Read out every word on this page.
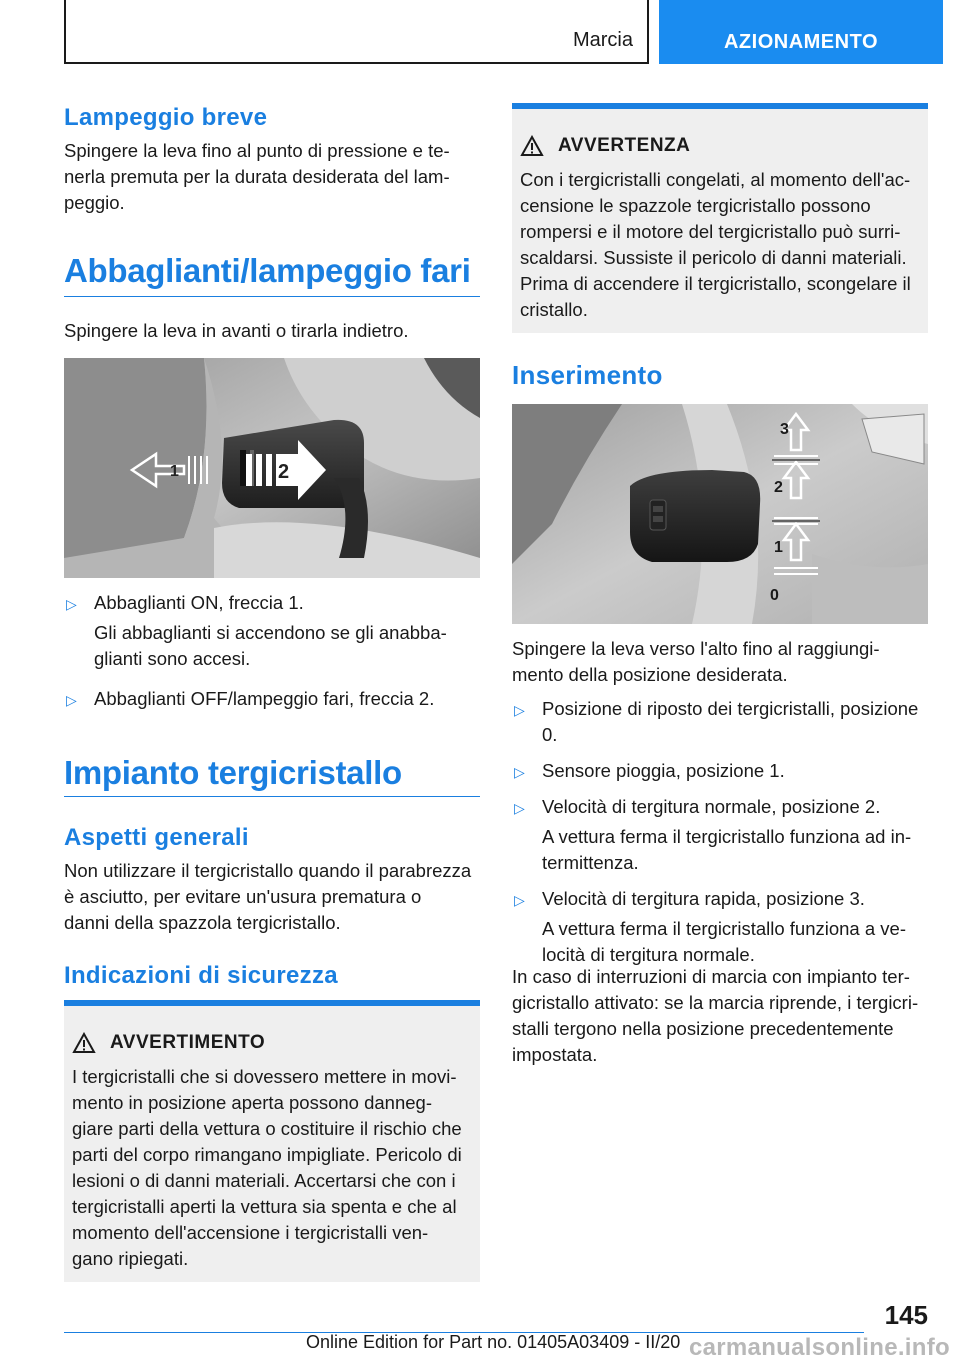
Marcia	AZIONAMENTO
Lampeggio breve

Spingere la leva fino al punto di pressione e te-

nerla premuta per la durata desiderata del lam-

peggio.

Abbaglianti/lampeggio fari

Spingere la leva in avanti o tirarla indietro.

1	2
▷ Abbaglianti ON, freccia 1.
Gli abbaglianti si accendono se gli anabba-
glianti sono accesi.
▷ Abbaglianti OFF/lampeggio fari, freccia 2.
Impianto tergicristallo
Aspetti generali

Non utilizzare il tergicristallo quando il parabrezza

è asciutto, per evitare un'usura prematura o

danni della spazzola tergicristallo.

Indicazioni di sicurezza
AVVERTIMENTO

I tergicristalli che si dovessero mettere in movi-

mento in posizione aperta possono danneg-

giare parti della vettura o costituire il rischio che

parti del corpo rimangano impigliate. Pericolo di

lesioni o di danni materiali. Accertarsi che con i

tergicristalli aperti la vettura sia spenta e che al

momento dell'accensione i tergicristalli ven-

gano ripiegati.

AVVERTENZA

Con i tergicristalli congelati, al momento dell'ac-

censione le spazzole tergicristallo possono

rompersi e il motore del tergicristallo può surri-

scaldarsi. Sussiste il pericolo di danni materiali.

Prima di accendere il tergicristallo, scongelare il

cristallo.

Inserimento
3
2
1
0

Spingere la leva verso l'alto fino al raggiungi-

mento della posizione desiderata.

▷ Posizione di riposto dei tergicristalli, posizione
0.
▷ Sensore pioggia, posizione 1.
▷ Velocità di tergitura normale, posizione 2.
A vettura ferma il tergicristallo funziona ad in-
termittenza.
▷ Velocità di tergitura rapida, posizione 3.
A vettura ferma il tergicristallo funziona a ve-
locità di tergitura normale.

In caso di interruzioni di marcia con impianto ter-

gicristallo attivato: se la marcia riprende, i tergicri-

stalli tergono nella posizione precedentemente

impostata.

145
Online Edition for Part no. 01405A03409 - II/20 carmanualsonline.info
